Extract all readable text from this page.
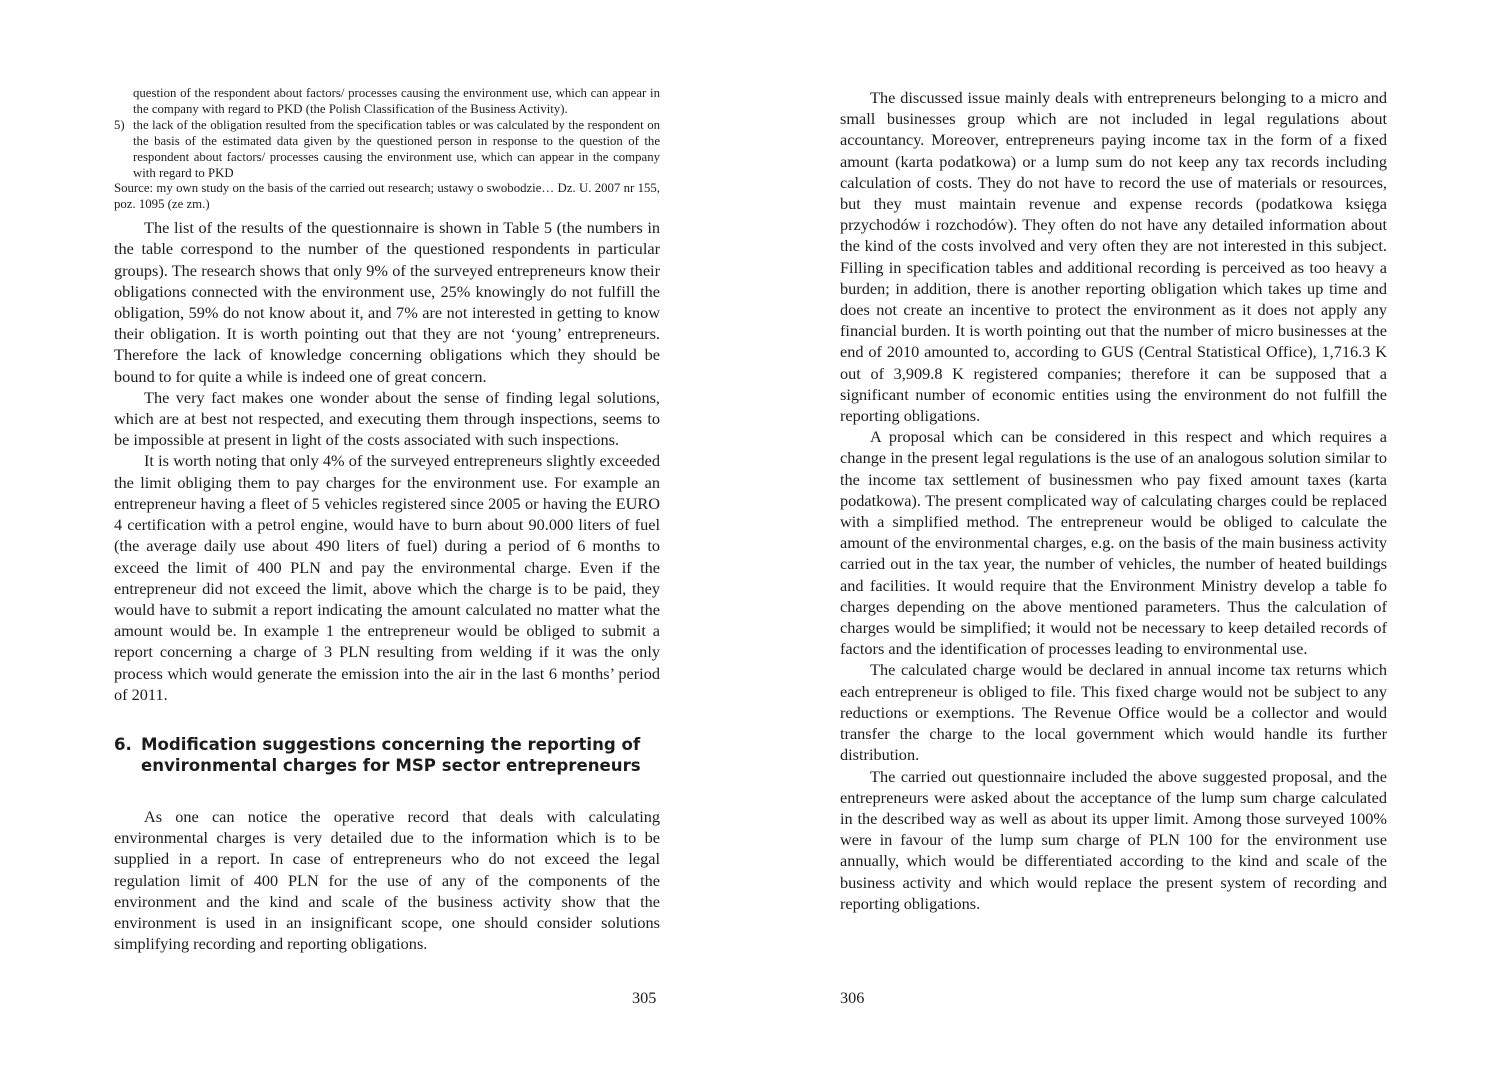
question of the respondent about factors/ processes causing the environment use, which can appear in the company with regard to PKD (the Polish Classification of the Business Activity).

5) the lack of the obligation resulted from the specification tables or was calculated by the respondent on the basis of the estimated data given by the questioned person in response to the question of the respondent about factors/ processes causing the environment use, which can appear in the company with regard to PKD

Source: my own study on the basis of the carried out research; ustawy o swobodzie… Dz. U. 2007 nr 155, poz. 1095 (ze zm.)

The list of the results of the questionnaire is shown in Table 5 (the numbers in the table correspond to the number of the questioned respondents in particular groups). The research shows that only 9% of the surveyed entrepreneurs know their obligations connected with the environment use, 25% knowingly do not fulfill the obligation, 59% do not know about it, and 7% are not interested in getting to know their obligation. It is worth pointing out that they are not ‘young’ entrepreneurs. Therefore the lack of knowledge concerning obligations which they should be bound to for quite a while is indeed one of great concern.

The very fact makes one wonder about the sense of finding legal solutions, which are at best not respected, and executing them through inspections, seems to be impossible at present in light of the costs associated with such inspections.

It is worth noting that only 4% of the surveyed entrepreneurs slightly exceeded the limit obliging them to pay charges for the environment use. For example an entrepreneur having a fleet of 5 vehicles registered since 2005 or having the EURO 4 certification with a petrol engine, would have to burn about 90.000 liters of fuel (the average daily use about 490 liters of fuel) during a period of 6 months to exceed the limit of 400 PLN and pay the environmental charge. Even if the entrepreneur did not exceed the limit, above which the charge is to be paid, they would have to submit a report indicating the amount calculated no matter what the amount would be. In example 1 the entrepreneur would be obliged to submit a report concerning a charge of 3 PLN resulting from welding if it was the only process which would generate the emission into the air in the last 6 months’ period of 2011.

6. Modification suggestions concerning the reporting of environmental charges for MSP sector entrepreneurs

As one can notice the operative record that deals with calculating environmental charges is very detailed due to the information which is to be supplied in a report. In case of entrepreneurs who do not exceed the legal regulation limit of 400 PLN for the use of any of the components of the environment and the kind and scale of the business activity show that the environment is used in an insignificant scope, one should consider solutions simplifying recording and reporting obligations.

305

The discussed issue mainly deals with entrepreneurs belonging to a micro and small businesses group which are not included in legal regulations about accountancy. Moreover, entrepreneurs paying income tax in the form of a fixed amount (karta podatkowa) or a lump sum do not keep any tax records including calculation of costs. They do not have to record the use of materials or resources, but they must maintain revenue and expense records (podatkowa księga przychodów i rozchodów). They often do not have any detailed information about the kind of the costs involved and very often they are not interested in this subject. Filling in specification tables and additional recording is perceived as too heavy a burden; in addition, there is another reporting obligation which takes up time and does not create an incentive to protect the environment as it does not apply any financial burden. It is worth pointing out that the number of micro businesses at the end of 2010 amounted to, according to GUS (Central Statistical Office), 1,716.3 K out of 3,909.8 K registered companies; therefore it can be supposed that a significant number of economic entities using the environment do not fulfill the reporting obligations.

A proposal which can be considered in this respect and which requires a change in the present legal regulations is the use of an analogous solution similar to the income tax settlement of businessmen who pay fixed amount taxes (karta podatkowa). The present complicated way of calculating charges could be replaced with a simplified method. The entrepreneur would be obliged to calculate the amount of the environmental charges, e.g. on the basis of the main business activity carried out in the tax year, the number of vehicles, the number of heated buildings and facilities. It would require that the Environment Ministry develop a table fo charges depending on the above mentioned parameters. Thus the calculation of charges would be simplified; it would not be necessary to keep detailed records of factors and the identification of processes leading to environmental use.

The calculated charge would be declared in annual income tax returns which each entrepreneur is obliged to file. This fixed charge would not be subject to any reductions or exemptions. The Revenue Office would be a collector and would transfer the charge to the local government which would handle its further distribution.

The carried out questionnaire included the above suggested proposal, and the entrepreneurs were asked about the acceptance of the lump sum charge calculated in the described way as well as about its upper limit. Among those surveyed 100% were in favour of the lump sum charge of PLN 100 for the environment use annually, which would be differentiated according to the kind and scale of the business activity and which would replace the present system of recording and reporting obligations.

306
